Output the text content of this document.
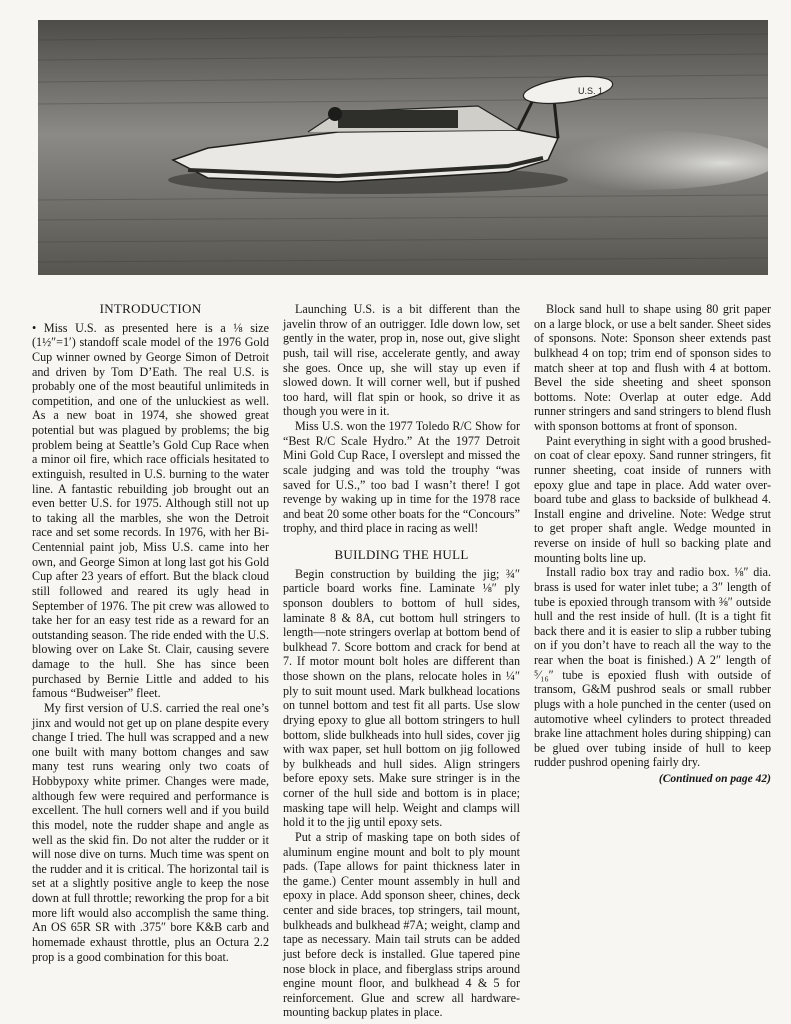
U.S. 1
INTRODUCTION

• Miss U.S. as presented here is a ⅛ size (1½″=1′) standoff scale model of the 1976 Gold Cup winner owned by George Simon of Detroit and driven by Tom D’Eath. The real U.S. is probably one of the most beautiful unlimiteds in competition, and one of the unluckiest as well. As a new boat in 1974, she showed great potential but was plagued by problems; the big problem being at Seattle’s Gold Cup Race when a minor oil fire, which race officials hesitated to extinguish, resulted in U.S. burning to the water line. A fantastic rebuilding job brought out an even better U.S. for 1975. Although still not up to taking all the marbles, she won the Detroit race and set some records. In 1976, with her Bi-Centennial paint job, Miss U.S. came into her own, and George Simon at long last got his Gold Cup after 23 years of effort. But the black cloud still followed and reared its ugly head in September of 1976. The pit crew was allowed to take her for an easy test ride as a reward for an outstanding season. The ride ended with the U.S. blowing over on Lake St. Clair, causing severe damage to the hull. She has since been purchased by Bernie Little and added to his famous “Budweiser” fleet.

My first version of U.S. carried the real one’s jinx and would not get up on plane despite every change I tried. The hull was scrapped and a new one built with many bottom changes and saw many test runs wearing only two coats of Hobbypoxy white primer. Changes were made, although few were required and performance is excellent. The hull corners well and if you build this model, note the rudder shape and angle as well as the skid fin. Do not alter the rudder or it will nose dive on turns. Much time was spent on the rudder and it is critical. The horizontal tail is set at a slightly positive angle to keep the nose down at full throttle; reworking the prop for a bit more lift would also accomplish the same thing. An OS 65R SR with .375″ bore K&B carb and homemade exhaust throttle, plus an Octura 2.2 prop is a good combination for this boat.

Launching U.S. is a bit different than the javelin throw of an outrigger. Idle down low, set gently in the water, prop in, nose out, give slight push, tail will rise, accelerate gently, and away she goes. Once up, she will stay up even if slowed down. It will corner well, but if pushed too hard, will flat spin or hook, so drive it as though you were in it.

Miss U.S. won the 1977 Toledo R/C Show for “Best R/C Scale Hydro.” At the 1977 Detroit Mini Gold Cup Race, I overslept and missed the scale judging and was told the trouphy “was saved for U.S.,” too bad I wasn’t there! I got revenge by waking up in time for the 1978 race and beat 20 some other boats for the “Concours” trophy, and third place in racing as well!

BUILDING THE HULL

Begin construction by building the jig; ¾″ particle board works fine. Laminate ⅛″ ply sponson doublers to bottom of hull sides, laminate 8 & 8A, cut bottom hull stringers to length—note stringers overlap at bottom bend of bulkhead 7. Score bottom and crack for bend at 7. If motor mount bolt holes are different than those shown on the plans, relocate holes in ¼″ ply to suit mount used. Mark bulkhead locations on tunnel bottom and test fit all parts. Use slow drying epoxy to glue all bottom stringers to hull bottom, slide bulkheads into hull sides, cover jig with wax paper, set hull bottom on jig followed by bulkheads and hull sides. Align stringers before epoxy sets. Make sure stringer is in the corner of the hull side and bottom is in place; masking tape will help. Weight and clamps will hold it to the jig until epoxy sets.

Put a strip of masking tape on both sides of aluminum engine mount and bolt to ply mount pads. (Tape allows for paint thickness later in the game.) Center mount assembly in hull and epoxy in place. Add sponson sheer, chines, deck center and side braces, top stringers, tail mount, bulkheads and bulkhead #7A; weight, clamp and tape as necessary. Main tail struts can be added just before deck is installed. Glue tapered pine nose block in place, and fiberglass strips around engine mount floor, and bulkhead 4 & 5 for reinforcement. Glue and screw all hardware-mounting backup plates in place.

Block sand hull to shape using 80 grit paper on a large block, or use a belt sander. Sheet sides of sponsons. Note: Sponson sheer extends past bulkhead 4 on top; trim end of sponson sides to match sheer at top and flush with 4 at bottom. Bevel the side sheeting and sheet sponson bottoms. Note: Overlap at outer edge. Add runner stringers and sand stringers to blend flush with sponson bottoms at front of sponson.

Paint everything in sight with a good brushed-on coat of clear epoxy. Sand runner stringers, fit runner sheeting, coat inside of runners with epoxy glue and tape in place. Add water over-board tube and glass to backside of bulkhead 4. Install engine and driveline. Note: Wedge strut to get proper shaft angle. Wedge mounted in reverse on inside of hull so backing plate and mounting bolts line up.

Install radio box tray and radio box. ⅛″ dia. brass is used for water inlet tube; a 3″ length of tube is epoxied through transom with ⅜″ outside hull and the rest inside of hull. (It is a tight fit back there and it is easier to slip a rubber tubing on if you don’t have to reach all the way to the rear when the boat is finished.) A 2″ length of ⁵⁄₁₆″ tube is epoxied flush with outside of transom, G&M pushrod seals or small rubber plugs with a hole punched in the center (used on automotive wheel cylinders to protect threaded brake line attachment holes during shipping) can be glued over tubing inside of hull to keep rudder pushrod opening fairly dry.

(Continued on page 42)
